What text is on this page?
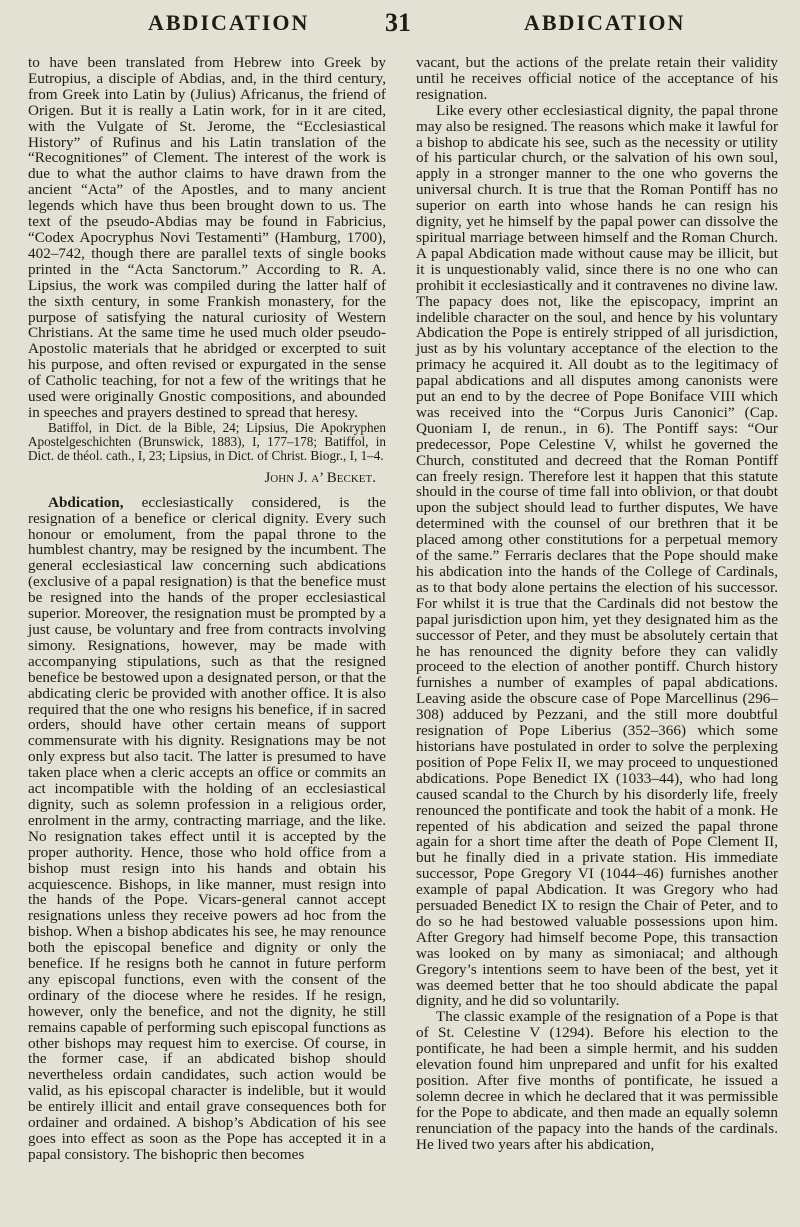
ABDICATION	31	ABDICATION

to have been translated from Hebrew into Greek by Eutropius, a disciple of Abdias, and, in the third century, from Greek into Latin by (Julius) Africanus, the friend of Origen. But it is really a Latin work, for in it are cited, with the Vulgate of St. Jerome, the “Ecclesiastical History” of Rufinus and his Latin translation of the “Recognitiones” of Clement. The interest of the work is due to what the author claims to have drawn from the ancient “Acta” of the Apostles, and to many ancient legends which have thus been brought down to us. The text of the pseudo-Abdias may be found in Fabricius, “Codex Apocryphus Novi Testamenti” (Hamburg, 1700), 402–742, though there are parallel texts of single books printed in the “Acta Sanctorum.” According to R. A. Lipsius, the work was compiled during the latter half of the sixth century, in some Frankish monastery, for the purpose of satisfying the natural curiosity of Western Christians. At the same time he used much older pseudo-Apostolic materials that he abridged or excerpted to suit his purpose, and often revised or expurgated in the sense of Catholic teaching, for not a few of the writings that he used were originally Gnostic compositions, and abounded in speeches and prayers destined to spread that heresy.

Batiffol, in Dict. de la Bible, 24; Lipsius, Die Apokryphen Apostelgeschichten (Brunswick, 1883), I, 177–178; Batiffol, in Dict. de théol. cath., I, 23; Lipsius, in Dict. of Christ. Biogr., I, 1–4.

John J. a’ Becket.

Abdication, ecclesiastically considered, is the resignation of a benefice or clerical dignity. Every such honour or emolument, from the papal throne to the humblest chantry, may be resigned by the incumbent. The general ecclesiastical law concerning such abdications (exclusive of a papal resignation) is that the benefice must be resigned into the hands of the proper ecclesiastical superior. Moreover, the resignation must be prompted by a just cause, be voluntary and free from contracts involving simony. Resignations, however, may be made with accompanying stipulations, such as that the resigned benefice be bestowed upon a designated person, or that the abdicating cleric be provided with another office. It is also required that the one who resigns his benefice, if in sacred orders, should have other certain means of support commensurate with his dignity. Resignations may be not only express but also tacit. The latter is presumed to have taken place when a cleric accepts an office or commits an act incompatible with the holding of an ecclesiastical dignity, such as solemn profession in a religious order, enrolment in the army, contracting marriage, and the like. No resignation takes effect until it is accepted by the proper authority. Hence, those who hold office from a bishop must resign into his hands and obtain his acquiescence. Bishops, in like manner, must resign into the hands of the Pope. Vicars-general cannot accept resignations unless they receive powers ad hoc from the bishop. When a bishop abdicates his see, he may renounce both the episcopal benefice and dignity or only the benefice. If he resigns both he cannot in future perform any episcopal functions, even with the consent of the ordinary of the diocese where he resides. If he resign, however, only the benefice, and not the dignity, he still remains capable of performing such episcopal functions as other bishops may request him to exercise. Of course, in the former case, if an abdicated bishop should nevertheless ordain candidates, such action would be valid, as his episcopal character is indelible, but it would be entirely illicit and entail grave consequences both for ordainer and ordained. A bishop’s Abdication of his see goes into effect as soon as the Pope has accepted it in a papal consistory. The bishopric then becomes

vacant, but the actions of the prelate retain their validity until he receives official notice of the acceptance of his resignation.

Like every other ecclesiastical dignity, the papal throne may also be resigned. The reasons which make it lawful for a bishop to abdicate his see, such as the necessity or utility of his particular church, or the salvation of his own soul, apply in a stronger manner to the one who governs the universal church. It is true that the Roman Pontiff has no superior on earth into whose hands he can resign his dignity, yet he himself by the papal power can dissolve the spiritual marriage between himself and the Roman Church. A papal Abdication made without cause may be illicit, but it is unquestionably valid, since there is no one who can prohibit it ecclesiastically and it contravenes no divine law. The papacy does not, like the episcopacy, imprint an indelible character on the soul, and hence by his voluntary Abdication the Pope is entirely stripped of all jurisdiction, just as by his voluntary acceptance of the election to the primacy he acquired it. All doubt as to the legitimacy of papal abdications and all disputes among canonists were put an end to by the decree of Pope Boniface VIII which was received into the “Corpus Juris Canonici” (Cap. Quoniam I, de renun., in 6). The Pontiff says: “Our predecessor, Pope Celestine V, whilst he governed the Church, constituted and decreed that the Roman Pontiff can freely resign. Therefore lest it happen that this statute should in the course of time fall into oblivion, or that doubt upon the subject should lead to further disputes, We have determined with the counsel of our brethren that it be placed among other constitutions for a perpetual memory of the same.” Ferraris declares that the Pope should make his abdication into the hands of the College of Cardinals, as to that body alone pertains the election of his successor. For whilst it is true that the Cardinals did not bestow the papal jurisdiction upon him, yet they designated him as the successor of Peter, and they must be absolutely certain that he has renounced the dignity before they can validly proceed to the election of another pontiff. Church history furnishes a number of examples of papal abdications. Leaving aside the obscure case of Pope Marcellinus (296–308) adduced by Pezzani, and the still more doubtful resignation of Pope Liberius (352–366) which some historians have postulated in order to solve the perplexing position of Pope Felix II, we may proceed to unquestioned abdications. Pope Benedict IX (1033–44), who had long caused scandal to the Church by his disorderly life, freely renounced the pontificate and took the habit of a monk. He repented of his abdication and seized the papal throne again for a short time after the death of Pope Clement II, but he finally died in a private station. His immediate successor, Pope Gregory VI (1044–46) furnishes another example of papal Abdication. It was Gregory who had persuaded Benedict IX to resign the Chair of Peter, and to do so he had bestowed valuable possessions upon him. After Gregory had himself become Pope, this transaction was looked on by many as simoniacal; and although Gregory’s intentions seem to have been of the best, yet it was deemed better that he too should abdicate the papal dignity, and he did so voluntarily.

The classic example of the resignation of a Pope is that of St. Celestine V (1294). Before his election to the pontificate, he had been a simple hermit, and his sudden elevation found him unprepared and unfit for his exalted position. After five months of pontificate, he issued a solemn decree in which he declared that it was permissible for the Pope to abdicate, and then made an equally solemn renunciation of the papacy into the hands of the cardinals. He lived two years after his abdication,
